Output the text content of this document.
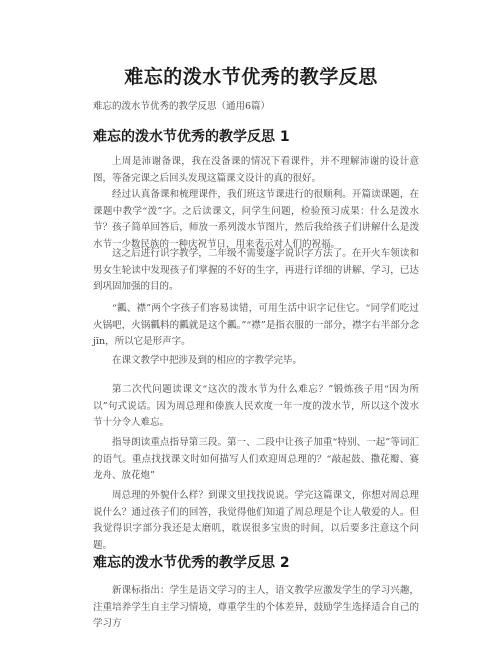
难忘的泼水节优秀的教学反思
难忘的泼水节优秀的教学反思（通用6篇）
难忘的泼水节优秀的教学反思 1
上周是沛谢备课，我在没备课的情况下看课件，并不理解沛谢的设计意图，等备完课之后回头发现这篇课文设计的真的很好。
经过认真备课和梳理课件，我们班这节课进行的很顺利。开篇读课题，在课题中教学“泼”字。之后读课文，问学生问题，检验预习成果：什么是泼水节？孩子简单回答后，师放一系列泼水节图片，然后我给孩子们讲解什么是泼水节一少数民族的一种庆祝节日，用来表示对人们的祝福。
这之后进行识字教学，二年级不需要逐字说识字方法了。在开火车领读和男女生轮读中发现孩子们掌握的不好的生字，再进行详细的讲解、学习，已达到巩固加强的目的。
“瓤、襟”两个字孩子们容易读错，可用生活中识字记住它。“同学们吃过火锅吧，火锅瓤料的瓤就是这个瓤。”“襟”是指衣服的一部分，襟字右半部分念jīn，所以它是形声字。
在课文教学中把涉及到的相应的字教学完毕。
第二次代问题读课文“这次的泼水节为什么难忘？”锻炼孩子用“因为所以”句式说话。因为周总理和傣族人民欢度一年一度的泼水节，所以这个泼水节十分令人难忘。
指导朗读重点指导第三段。第一、二段中让孩子加重“特别、一起”等词汇的语气。重点找找课文时如何描写人们欢迎周总理的？“敲起鼓、撒花瓣、赛龙舟、放花炮”
周总理的外貌什么样？到课文里找找说说。学完这篇课文，你想对周总理说什么？通过孩子们的回答，我觉得他们知道了周总理是个让人敬爱的人。但我觉得识字部分我还是太磨叽，耽误很多宝贵的时间，以后要多注意这个问题。
难忘的泼水节优秀的教学反思 2
新课标指出：学生是语文学习的主人，语文教学应激发学生的学习兴趣，注重培养学生自主学习情境，尊重学生的个体差异，鼓励学生选择适合自己的学习方
